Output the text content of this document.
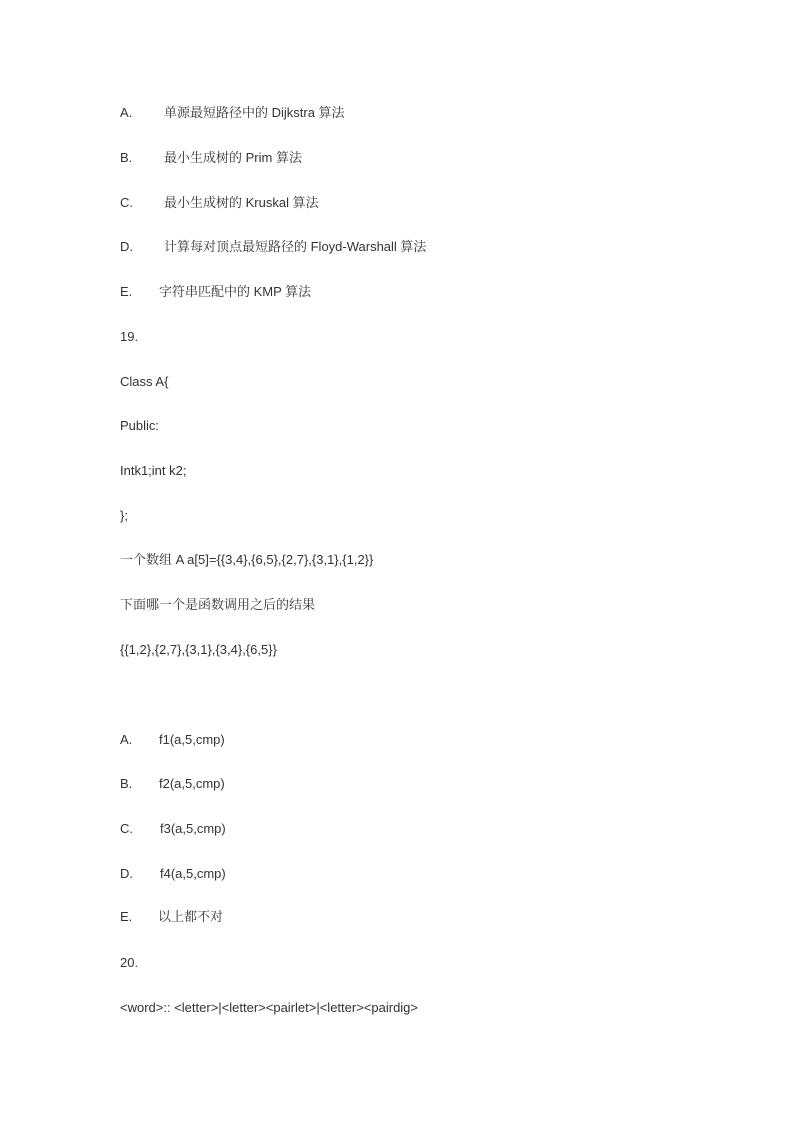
A. 单源最短路径中的 Dijkstra 算法
B. 最小生成树的 Prim 算法
C. 最小生成树的 Kruskal 算法
D. 计算每对顶点最短路径的 Floyd-Warshall 算法
E. 字符串匹配中的 KMP 算法
19.
Class A{
Public:
Intk1;int k2;
};
一个数组 A a[5]={{3,4},{6,5},{2,7},{3,1},{1,2}}
下面哪一个是函数调用之后的结果
{{1,2},{2,7},{3,1},{3,4},{6,5}}
A. f1(a,5,cmp)
B. f2(a,5,cmp)
C. f3(a,5,cmp)
D. f4(a,5,cmp)
E. 以上都不对
20.
<word>:: <letter>|<letter><pairlet>|<letter><pairdig>
